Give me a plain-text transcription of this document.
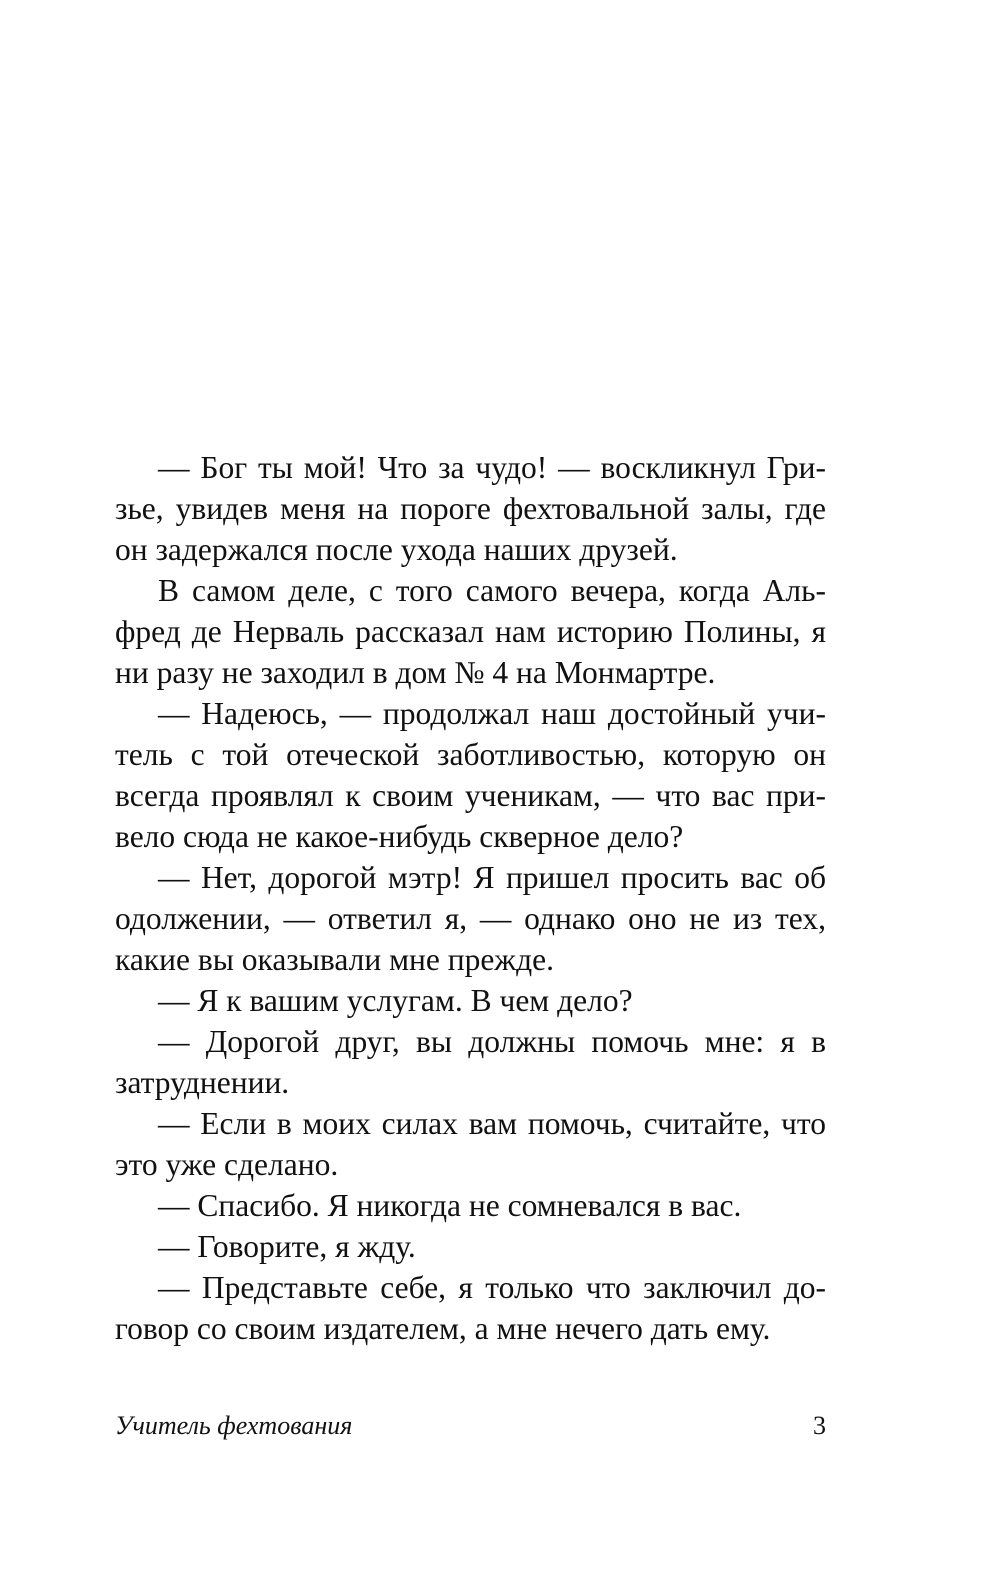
— Бог ты мой! Что за чудо! — воскликнул Гризье, увидев меня на пороге фехтовальной залы, где он задержался после ухода наших друзей.

В самом деле, с того самого вечера, когда Альфред де Нерваль рассказал нам историю Полины, я ни разу не заходил в дом № 4 на Монмартре.

— Надеюсь, — продолжал наш достойный учитель с той отеческой заботливостью, которую он всегда проявлял к своим ученикам, — что вас привело сюда не какое-нибудь скверное дело?

— Нет, дорогой мэтр! Я пришел просить вас об одолжении, — ответил я, — однако оно не из тех, какие вы оказывали мне прежде.

— Я к вашим услугам. В чем дело?

— Дорогой друг, вы должны помочь мне: я в затруднении.

— Если в моих силах вам помочь, считайте, что это уже сделано.

— Спасибо. Я никогда не сомневался в вас.

— Говорите, я жду.

— Представьте себе, я только что заключил договор со своим издателем, а мне нечего дать ему.

Учитель фехтования	3
